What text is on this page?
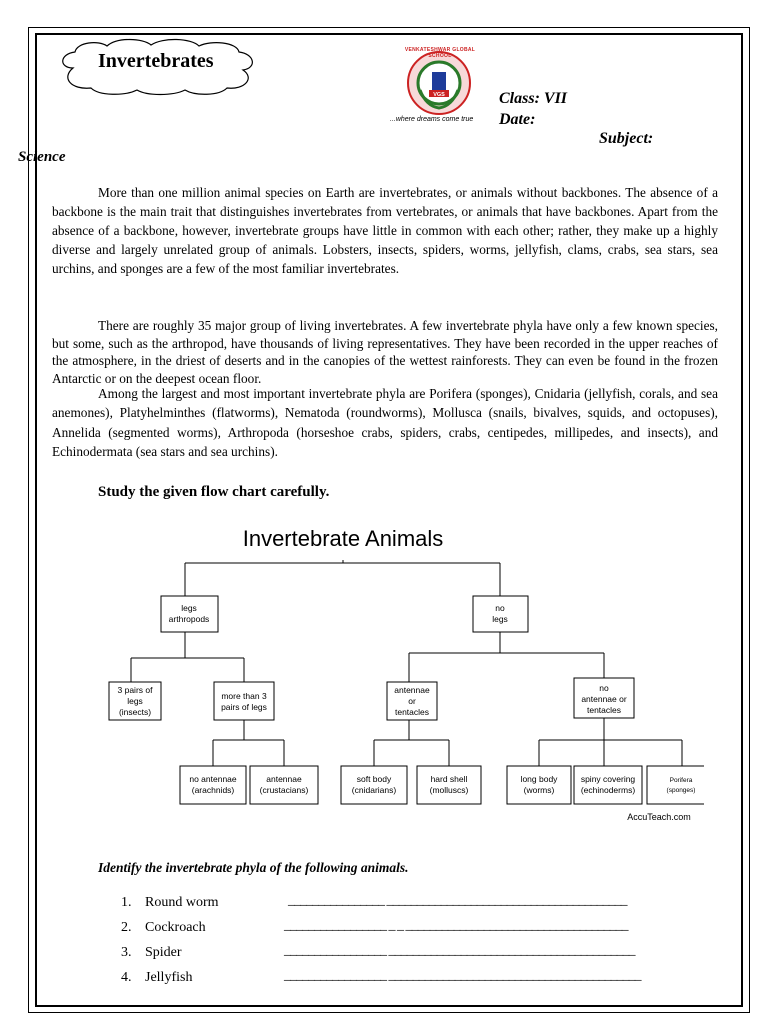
Invertebrates
VGS
VENKATESHWAR GLOBAL SCHOOL
...where dreams come true
Class: VII
Date:
Subject:
Science

More than one million animal species on Earth are invertebrates, or animals without backbones. The absence of a backbone is the main trait that distinguishes invertebrates from vertebrates, or animals that have backbones. Apart from the absence of a backbone, however, invertebrate groups have little in common with each other; rather, they make up a highly diverse and largely unrelated group of animals. Lobsters, insects, spiders, worms, jellyfish, clams, crabs, sea stars, sea urchins, and sponges are a few of the most familiar invertebrates.

There are roughly 35 major group of living invertebrates. A few invertebrate phyla have only a few known species, but some, such as the arthropod, have thousands of living representatives. They have been recorded in the upper reaches of the atmosphere, in the driest of deserts and in the canopies of the wettest rainforests. They can even be found in the frozen Antarctic or on the deepest ocean floor.

Among the largest and most important invertebrate phyla are Porifera (sponges), Cnidaria (jellyfish, corals, and sea anemones), Platyhelminthes (flatworms), Nematoda (roundworms), Mollusca (snails, bivalves, squids, and octopuses), Annelida (segmented worms), Arthropoda (horseshoe crabs, spiders, crabs, centipedes, millipedes, and insects), and Echinodermata (sea stars and sea urchins).

Study the given flow chart carefully.
Invertebrate Animals
legs
arthropods
no
legs
3 pairs of
legs
(insects)
more than 3
pairs of legs
antennae
or
tentacles
no
antennae or
tentacles
no antennae
(arachnids)
antennae
(crustacians)
soft body
(cnidarians)
hard shell
(molluscs)
long body
(worms)
spiny covering
(echinoderms)
Porifera
(sponges)
AccuTeach.com
Identify the invertebrate phyla of the following animals.
1. Round worm	________________ ________________________________________
2. Cockroach	_________________ _ _ _____________________________________
3. Spider	_________________ _________________________________________
4. Jellyfish	_________________ __________________________________________
